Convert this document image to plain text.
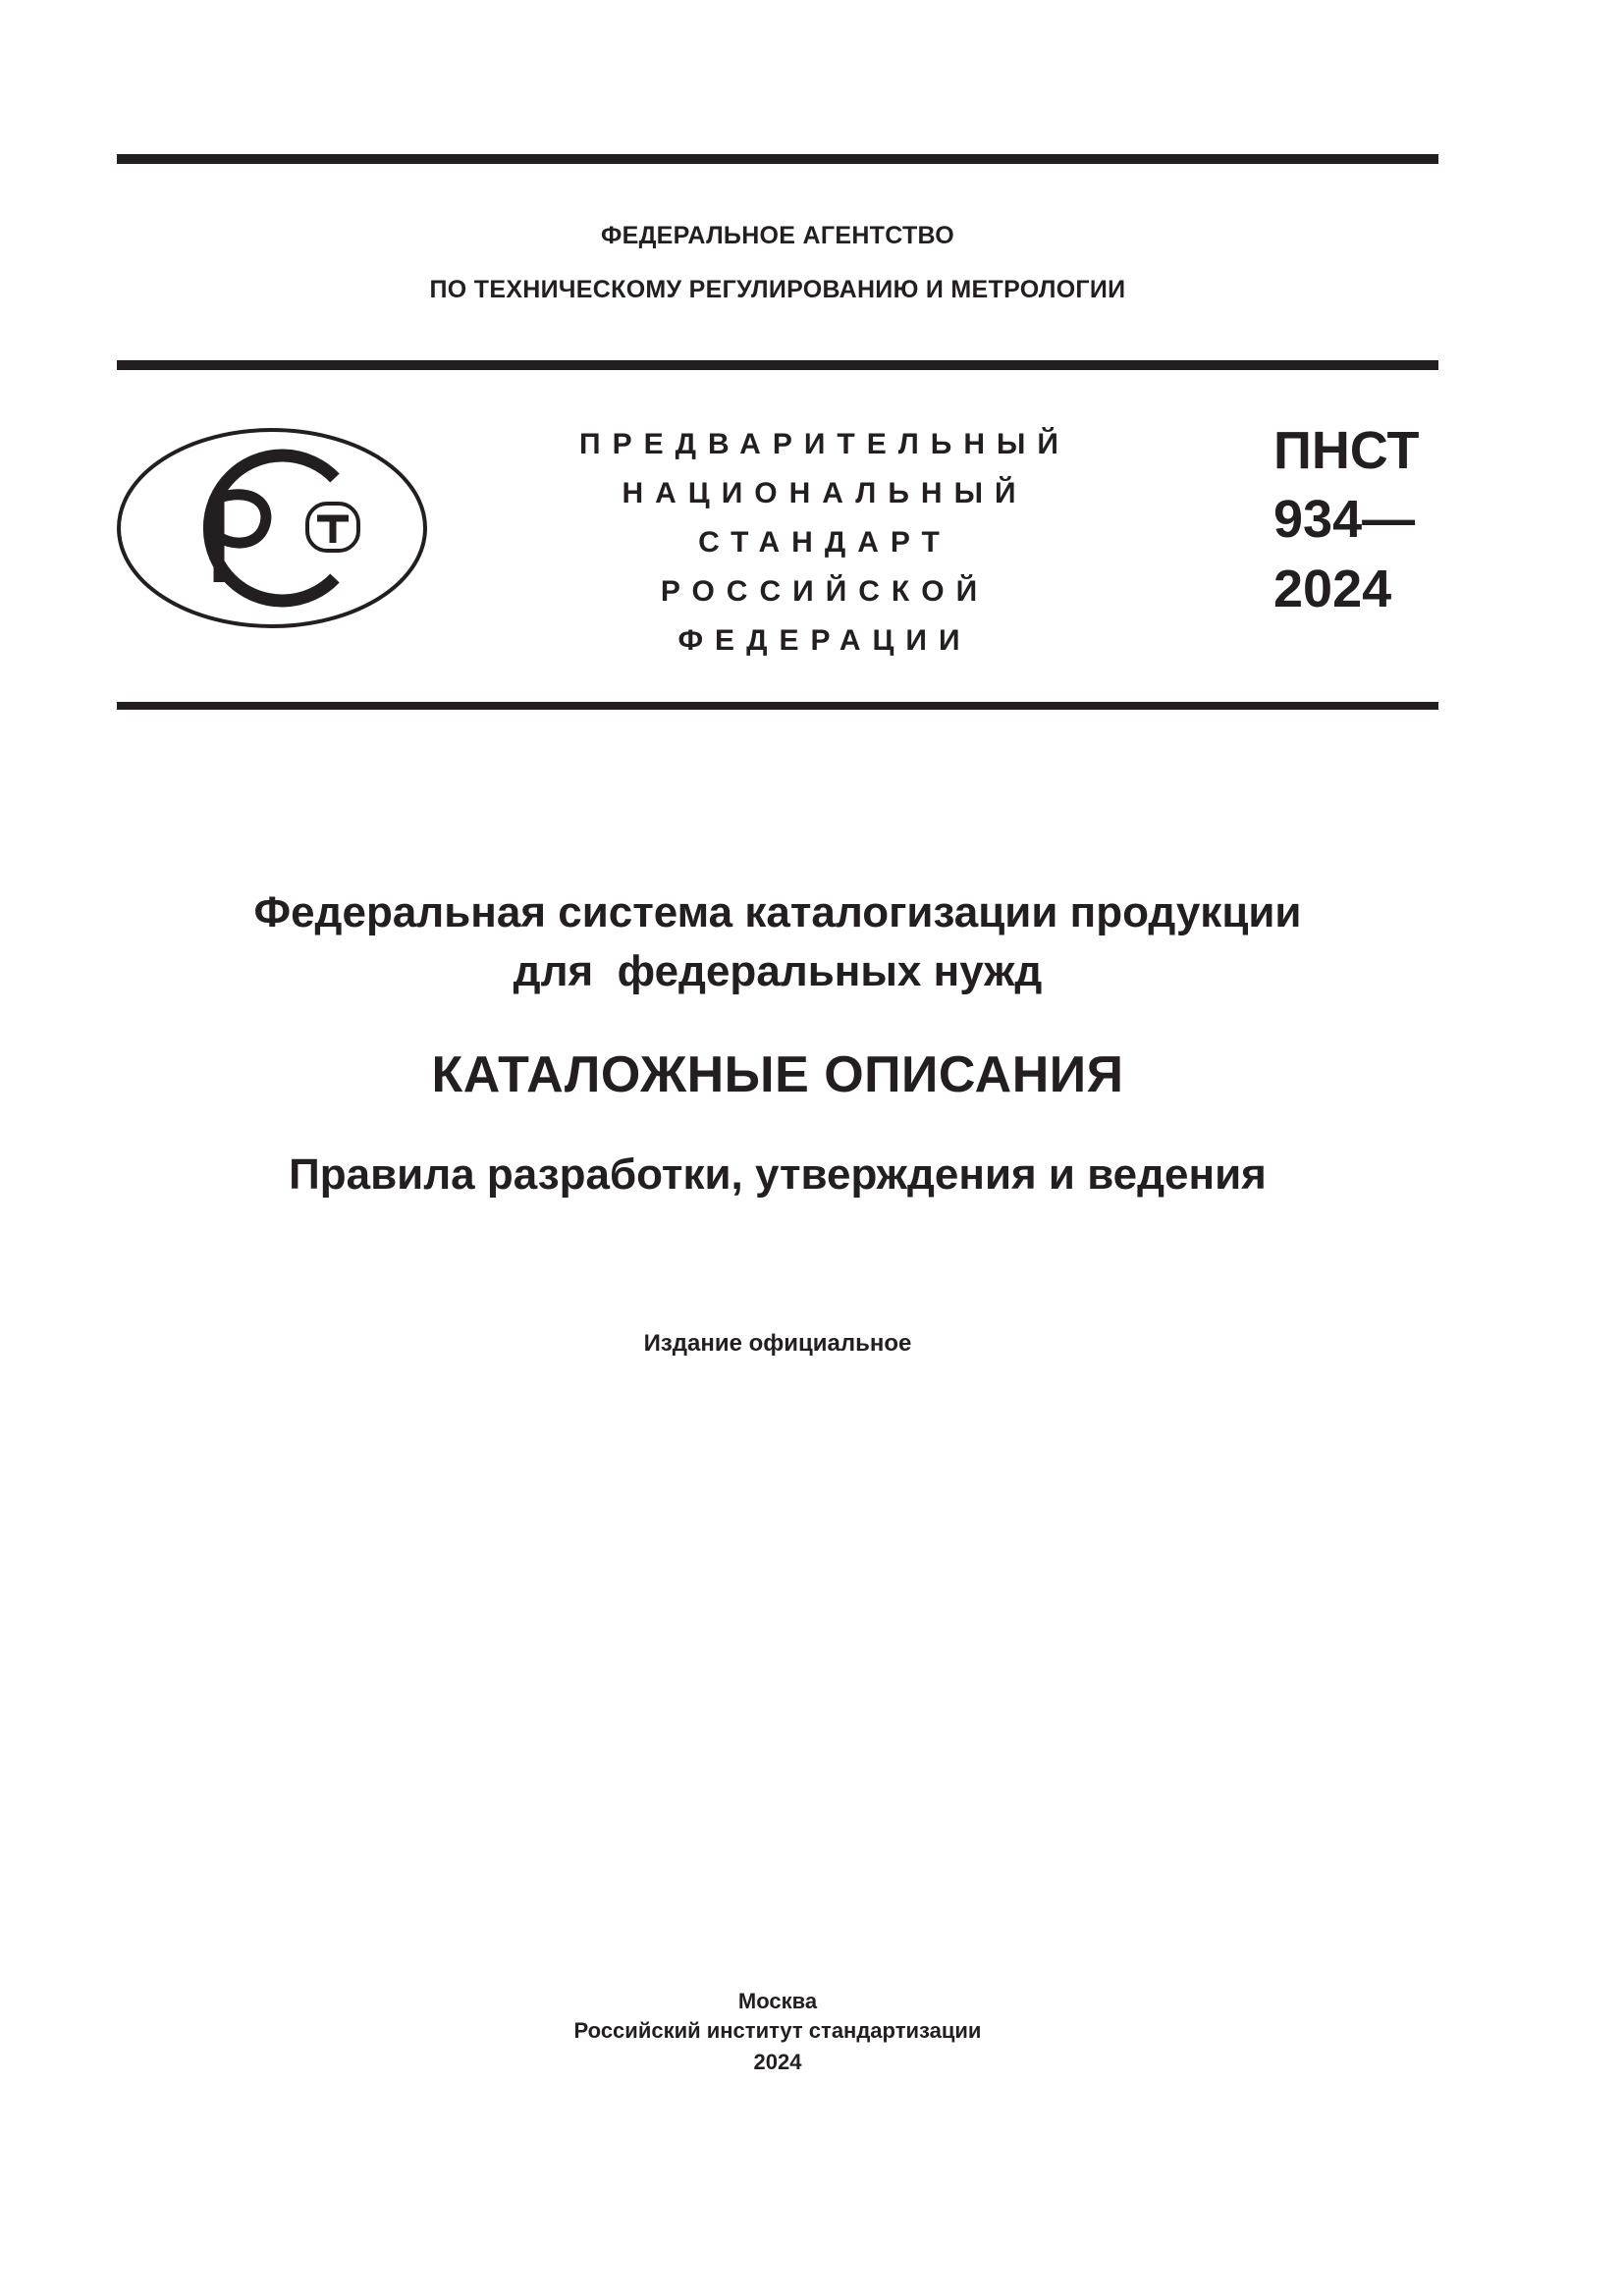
ФЕДЕРАЛЬНОЕ АГЕНТСТВО
ПО ТЕХНИЧЕСКОМУ РЕГУЛИРОВАНИЮ И МЕТРОЛОГИИ
ПРЕДВАРИТЕЛЬНЫЙ
НАЦИОНАЛЬНЫЙ
СТАНДАРТ
РОССИЙСКОЙ
ФЕДЕРАЦИИ
ПНСТ
934—
2024
Федеральная система каталогизации продукции
для  федеральных нужд
КАТАЛОЖНЫЕ ОПИСАНИЯ
Правила разработки, утверждения и ведения
Издание официальное
Москва
Российский институт стандартизации
2024
